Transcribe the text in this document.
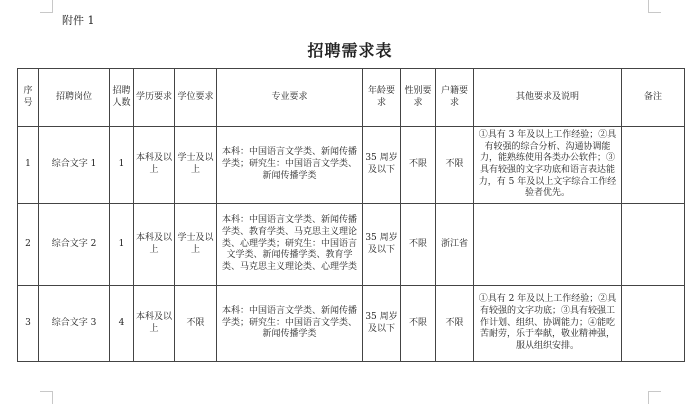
附件 1
招聘需求表
序号	招聘岗位	招聘人数	学历要求	学位要求	专业要求	年龄要求	性别要求	户籍要求	其他要求及说明	备注
1	综合文字 1	1	本科及以上	学士及以上	本科：中国语言文学类、新闻传播学类；研究生：中国语言文学类、新闻传播学类	35 周岁及以下	不限	不限	①具有 3 年及以上工作经验；②具有较强的综合分析、沟通协调能力，能熟练使用各类办公软件；③具有较强的文字功底和语言表达能力，有 5 年及以上文字综合工作经验者优先。	
2	综合文字 2	1	本科及以上	学士及以上	本科：中国语言文学类、新闻传播学类、教育学类、马克思主义理论类、心理学类；研究生：中国语言文学类、新闻传播学类、教育学类、马克思主义理论类、心理学类	35 周岁及以下	不限	浙江省		
3	综合文字 3	4	本科及以上	不限	本科：中国语言文学类、新闻传播学类；研究生：中国语言文学类、新闻传播学类	35 周岁及以下	不限	不限	①具有 2 年及以上工作经验；②具有较强的文字功底；③具有较强工作计划、组织、协调能力；④能吃苦耐劳，乐于奉献，敬业精神强，服从组织安排。	
